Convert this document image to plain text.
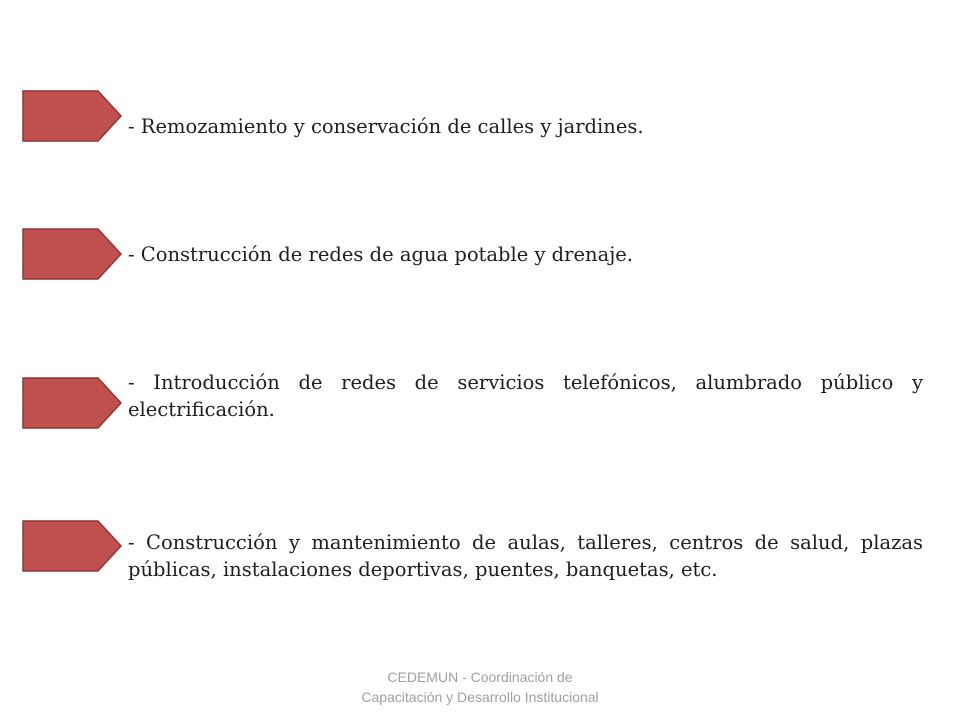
- Remozamiento y conservación de calles y jardines.
- Construcción de redes de agua potable y drenaje.
- Introducción de redes de servicios telefónicos, alumbrado público y electrificación.
- Construcción y mantenimiento de aulas, talleres, centros de salud, plazas públicas, instalaciones deportivas, puentes, banquetas, etc.
CEDEMUN - Coordinación de
Capacitación y Desarrollo Institucional
